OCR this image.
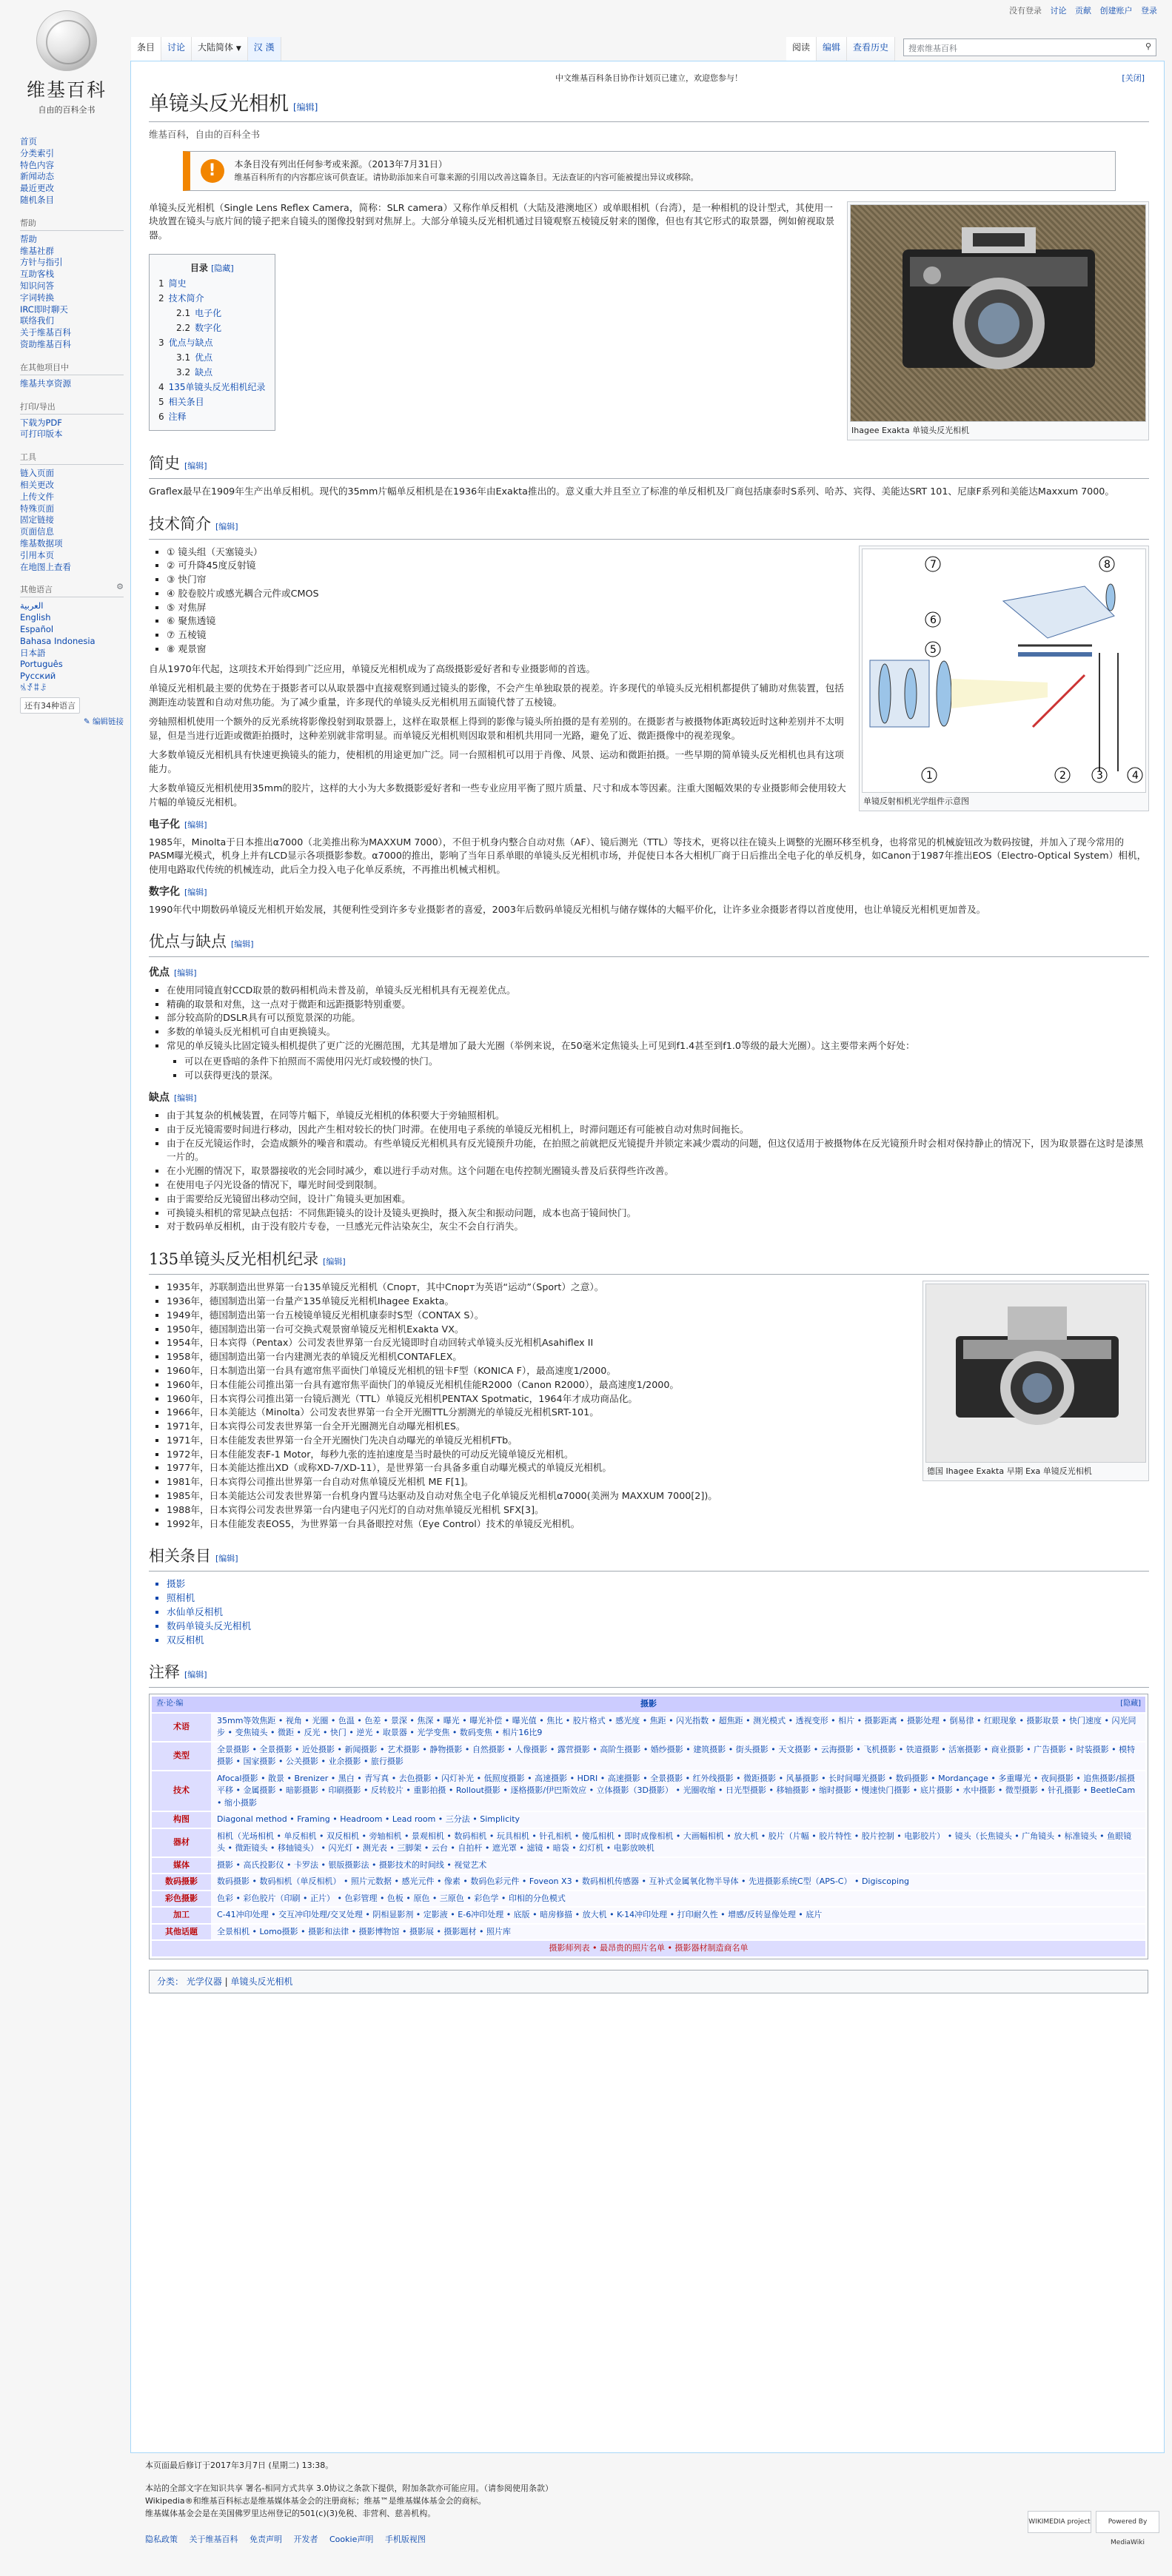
没有登录 讨论 贡献 创建账户 登录
维基百科
自由的百科全书
首页
分类索引
特色内容
新闻动态
最近更改
随机条目
帮助
帮助
维基社群
方针与指引
互助客栈
知识问答
字词转换
IRC即时聊天
联络我们
关于维基百科
资助维基百科
在其他项目中
维基共享资源
打印/导出
下载为PDF
可打印版本
工具
链入页面
相关更改
上传文件
特殊页面
固定链接
页面信息
维基数据项
引用本页
在地图上查看
其他语言	⚙
العربية
English
Español
Bahasa Indonesia
日本語
Português
Русский
ꁱꀋꐚꌠ
还有34种语言
✎ 编辑链接
条目	讨论	大陆简体 ▼	汉 漢	阅读	编辑	查看历史	搜索维基百科	⚲
中文维基百科条目协作计划页已建立，欢迎您参与！	[关闭]
单镜头反光相机 [编辑]
维基百科，自由的百科全书
!	本条目没有列出任何参考或来源。（2013年7月31日）
维基百科所有的内容都应该可供查证。请协助添加来自可靠来源的引用以改善这篇条目。无法查证的内容可能被提出异议或移除。
Ihagee Exakta 单镜头反光相机

单镜头反光相机（Single Lens Reflex Camera，简称：SLR camera）又称作单反相机（大陆及港澳地区）或单眼相机（台湾），是一种相机的设计型式，其使用一块放置在镜头与底片间的镜子把来自镜头的图像投射到对焦屏上。大部分单镜头反光相机通过目镜观察五棱镜反射来的图像，但也有其它形式的取景器，例如俯视取景器。

目录 [隐藏]
1 简史
2 技术简介
2.1 电子化
2.2 数字化
3 优点与缺点
3.1 优点
3.2 缺点
4 135单镜头反光相机纪录
5 相关条目
6 注释
简史 [编辑]

Graflex最早在1909年生产出单反相机。现代的35mm片幅单反相机是在1936年由Exakta推出的。意义重大并且至立了标准的单反相机及厂商包括康泰时S系列、哈苏、宾得、美能达SRT 101、尼康F系列和美能达Maxxum 7000。

技术简介 [编辑]
1	2	3	4
5
6
7	8
单镜反射相机光学组件示意图
▪ ① 镜头组（天塞镜头）
▪ ② 可升降45度反射镜
▪ ③ 快门帘
▪ ④ 胶卷胶片或感光耦合元件或CMOS
▪ ⑤ 对焦屏
▪ ⑥ 聚焦透镜
▪ ⑦ 五棱镜
▪ ⑧ 观景窗

自从1970年代起，这项技术开始得到广泛应用，单镜反光相机成为了高级摄影爱好者和专业摄影师的首选。

单镜反光相机最主要的优势在于摄影者可以从取景器中直接观察到通过镜头的影像，不会产生单独取景的视差。许多现代的单镜头反光相机都提供了辅助对焦装置，包括测距连动装置和自动对焦功能。为了减少重量，许多现代的单镜头反光相机用五面镜代替了五棱镜。

旁轴照相机使用一个额外的反光系统将影像投射到取景器上，这样在取景框上得到的影像与镜头所拍摄的是有差别的。在摄影者与被摄物体距离较近时这种差别并不太明显，但是当进行近距或微距拍摄时，这种差别就非常明显。而单镜反光相机则因取景和相机共用同一光路，避免了近、微距摄像中的视差现象。

大多数单镜反光相机具有快速更换镜头的能力，使相机的用途更加广泛。同一台照相机可以用于肖像、风景、运动和微距拍摄。一些早期的简单镜头反光相机也具有这项能力。

大多数单镜反光相机使用35mm的胶片，这样的大小为大多数摄影爱好者和一些专业应用平衡了照片质量、尺寸和成本等因素。注重大图幅效果的专业摄影师会使用较大片幅的单镜反光相机。

电子化 [编辑]

1985年，Minolta于日本推出α7000（北美推出称为MAXXUM 7000），不但于机身内整合自动对焦（AF）、镜后测光（TTL）等技术，更将以往在镜头上调整的光圈环移至机身，也将常见的机械旋钮改为数码按键，并加入了现今常用的PASM曝光模式，机身上并有LCD显示各项摄影参数。α7000的推出，影响了当年日系单眼的单镜头反光相机市场，并促使日本各大相机厂商于日后推出全电子化的单反机身，如Canon于1987年推出EOS（Electro-Optical System）相机，使用电路取代传统的机械连动，此后全力投入电子化单反系统，不再推出机械式相机。

数字化 [编辑]

1990年代中期数码单镜反光相机开始发展，其便利性受到许多专业摄影者的喜爱，2003年后数码单镜反光相机与储存媒体的大幅平价化，让许多业余摄影者得以首度使用，也让单镜反光相机更加普及。

优点与缺点 [编辑]
优点 [编辑]
▪ 在使用同镜直射CCD取景的数码相机尚未普及前，单镜头反光相机具有无视差优点。
▪ 精确的取景和对焦，这一点对于微距和远距摄影特别重要。
▪ 部分较高阶的DSLR具有可以预览景深的功能。
▪ 多数的单镜头反光相机可自由更换镜头。
▪ 常见的单反镜头比固定镜头相机提供了更广泛的光圈范围，尤其是增加了最大光圈（举例来说，在50毫米定焦镜头上可见到f1.4甚至到f1.0等级的最大光圈）。这主要带来两个好处：
▪ 可以在更昏暗的条件下拍照而不需使用闪光灯或较慢的快门。
▪ 可以获得更浅的景深。
缺点 [编辑]
▪ 由于其复杂的机械装置，在同等片幅下，单镜反光相机的体积要大于旁轴照相机。
▪ 由于反光镜需要时间进行移动，因此产生相对较长的快门时滞。在使用电子系统的单镜反光相机上，时滞问题还有可能被自动对焦时间拖长。
▪ 由于在反光镜运作时，会造成额外的噪音和震动。有些单镜反光相机具有反光镜预升功能，在拍照之前就把反光镜提升并锁定来减少震动的问题，但这仅适用于被摄物体在反光镜预升时会相对保持静止的情况下，因为取景器在这时是漆黑一片的。
▪ 在小光圈的情况下，取景器接收的光会同时减少，难以进行手动对焦。这个问题在电传控制光圈镜头普及后获得些许改善。
▪ 在使用电子闪光设备的情况下，曝光时间受到限制。
▪ 由于需要给反光镜留出移动空间，设计广角镜头更加困难。
▪ 可换镜头相机的常见缺点包括：不同焦距镜头的设计及镜头更换时，摄入灰尘和振动问题，成本也高于镜间快门。
▪ 对于数码单反相机，由于没有胶片专卷，一旦感光元件沾染灰尘，灰尘不会自行消失。
135单镜头反光相机纪录 [编辑]
德国 Ihagee Exakta 早期 Exa 单镜反光相机
▪ 1935年，苏联制造出世界第一台135单镜反光相机（Спорт，其中Спорт为英语“运动”（Sport）之意）。
▪ 1936年，德国制造出第一台量产135单镜反光相机Ihagee Exakta。
▪ 1949年，德国制造出第一台五棱镜单镜反光相机康泰时S型（CONTAX S）。
▪ 1950年，德国制造出第一台可交换式观景窗单镜反光相机Exakta VX。
▪ 1954年，日本宾得（Pentax）公司发表世界第一台反光镜即时自动回转式单镜头反光相机Asahiflex II
▪ 1958年，德国制造出第一台内建测光表的单镜反光相机CONTAFLEX。
▪ 1960年，日本制造出第一台具有遮帘焦平面快门单镜反光相机的钮卡F型（KONICA F），最高速度1/2000。
▪ 1960年，日本佳能公司推出第一台具有遮帘焦平面快门的单镜反光相机佳能R2000（Canon R2000），最高速度1/2000。
▪ 1960年，日本宾得公司推出第一台镜后测光（TTL）单镜反光相机PENTAX Spotmatic，1964年才成功商品化。
▪ 1966年，日本美能达（Minolta）公司发表世界第一台全开光圈TTL分割测光的单镜反光相机SRT-101。
▪ 1971年，日本宾得公司发表世界第一台全开光圈测光自动曝光相机ES。
▪ 1971年，日本佳能发表世界第一台全开光圈快门先决自动曝光的单镜反光相机FTb。
▪ 1972年，日本佳能发表F-1 Motor，每秒九张的连拍速度是当时最快的可动反光镜单镜反光相机。
▪ 1977年，日本美能达推出XD（或称XD-7/XD-11），是世界第一台具备多重自动曝光模式的单镜反光相机。
▪ 1981年，日本宾得公司推出世界第一台自动对焦单镜反光相机 ME F[1]。
▪ 1985年，日本美能达公司发表世界第一台机身内置马达驱动及自动对焦全电子化单镜反光相机α7000(美洲为 MAXXUM 7000[2])。
▪ 1988年，日本宾得公司发表世界第一台内建电子闪光灯的自动对焦单镜反光相机 SFX[3]。
▪ 1992年，日本佳能发表EOS5，为世界第一台具备眼控对焦（Eye Control）技术的单镜反光相机。
相关条目 [编辑]
▪ 摄影
▪ 照相机
▪ 水仙单反相机
▪ 数码单镜头反光相机
▪ 双反相机
注释 [编辑]
查·论·编	摄影	[隐藏]
术语	35mm等效焦距 • 视角 • 光圈 • 色温 • 色差 • 景深 • 焦深 • 曝光 • 曝光补偿 • 曝光值 • 焦比 • 胶片格式 • 感光度 • 焦距 • 闪光指数 • 超焦距 • 测光模式 • 透视变形 • 相片 • 摄影距离 • 摄影处理 • 倒易律 • 红眼现象 • 摄影取景 • 快门速度 • 闪光同步 • 变焦镜头 • 微距 • 反光 • 快门 • 逆光 • 取景器 • 光学变焦 • 数码变焦 • 相片16比9
类型	全景摄影 • 全景摄影 • 近处摄影 • 新闻摄影 • 艺术摄影 • 静物摄影 • 自然摄影 • 人像摄影 • 露营摄影 • 高阶生摄影 • 婚纱摄影 • 建筑摄影 • 街头摄影 • 天文摄影 • 云海摄影 • 飞机摄影 • 铁道摄影 • 活塞摄影 • 商业摄影 • 广告摄影 • 时装摄影 • 模特摄影 • 国家摄影 • 公关摄影 • 业余摄影 • 旅行摄影
技术	Afocal摄影 • 散景 • Brenizer • 黑白 • 青写真 • 去色摄影 • 闪灯补光 • 低照度摄影 • 高速摄影 • HDRI • 高速摄影 • 全景摄影 • 红外线摄影 • 微距摄影 • 风暴摄影 • 长时间曝光摄影 • 数码摄影 • Mordançage • 多重曝光 • 夜间摄影 • 追焦摄影/摇摄平移 • 金属摄影 • 暗影摄影 • 印刷摄影 • 反转胶片 • 重影拍摄 • Rollout摄影 • 逐格摄影/伊巴斯效应 • 立体摄影（3D摄影） • 光圈收缩 • 日光型摄影 • 移轴摄影 • 缩时摄影 • 慢速快门摄影 • 底片摄影 • 水中摄影 • 微型摄影 • 针孔摄影 • BeetleCam • 缩小摄影
构图	Diagonal method • Framing • Headroom • Lead room • 三分法 • Simplicity
器材	相机（光场相机 • 单反相机 • 双反相机 • 旁轴相机 • 景观相机 • 数码相机 • 玩具相机 • 针孔相机 • 傻瓜相机 • 即时成像相机 • 大画幅相机 • 放大机 • 胶片（片幅 • 胶片特性 • 胶片控制 • 电影胶片） • 镜头（长焦镜头 • 广角镜头 • 标准镜头 • 鱼眼镜头 • 微距镜头 • 移轴镜头） • 闪光灯 • 测光表 • 三脚架 • 云台 • 自拍杆 • 遮光罩 • 滤镜 • 暗袋 • 幻灯机 • 电影放映机
媒体	摄影 • 高氏投影仪 • 卡罗法 • 银版摄影法 • 摄影技术的时间线 • 视觉艺术
数码摄影	数码摄影 • 数码相机（单反相机） • 照片元数据 • 感光元件 • 像素 • 数码色彩元件 • Foveon X3 • 数码相机传感器 • 互补式金属氧化物半导体 • 先进摄影系统C型（APS-C） • Digiscoping
彩色摄影	色彩 • 彩色胶片（印刷 • 正片） • 色彩管理 • 色板 • 原色 • 三原色 • 彩色学 • 印相的分色模式
加工	C-41冲印处理 • 交互冲印处理/交叉处理 • 阴相显影剂 • 定影液 • E-6冲印处理 • 底版 • 暗房修描 • 放大机 • K-14冲印处理 • 打印耐久性 • 增感/反转显像处理 • 底片
其他话题	全景相机 • Lomo摄影 • 摄影和法律 • 摄影博物馆 • 摄影展 • 摄影题材 • 照片库
摄影师列表 • 最昂贵的照片名单 • 摄影器材制造商名单
分类： 光学仪器 | 单镜头反光相机
本页面最后修订于2017年3月7日 (星期二) 13:38。
本站的全部文字在知识共享 署名-相同方式共享 3.0协议之条款下提供，附加条款亦可能应用。（请参阅使用条款）
Wikipedia®和维基百科标志是维基媒体基金会的注册商标；维基™是维基媒体基金会的商标。
维基媒体基金会是在美国佛罗里达州登记的501(c)(3)免税、非营利、慈善机构。
隐私政策 关于维基百科 免责声明 开发者 Cookie声明 手机版视图
WIKIMEDIA project	Powered By MediaWiki
